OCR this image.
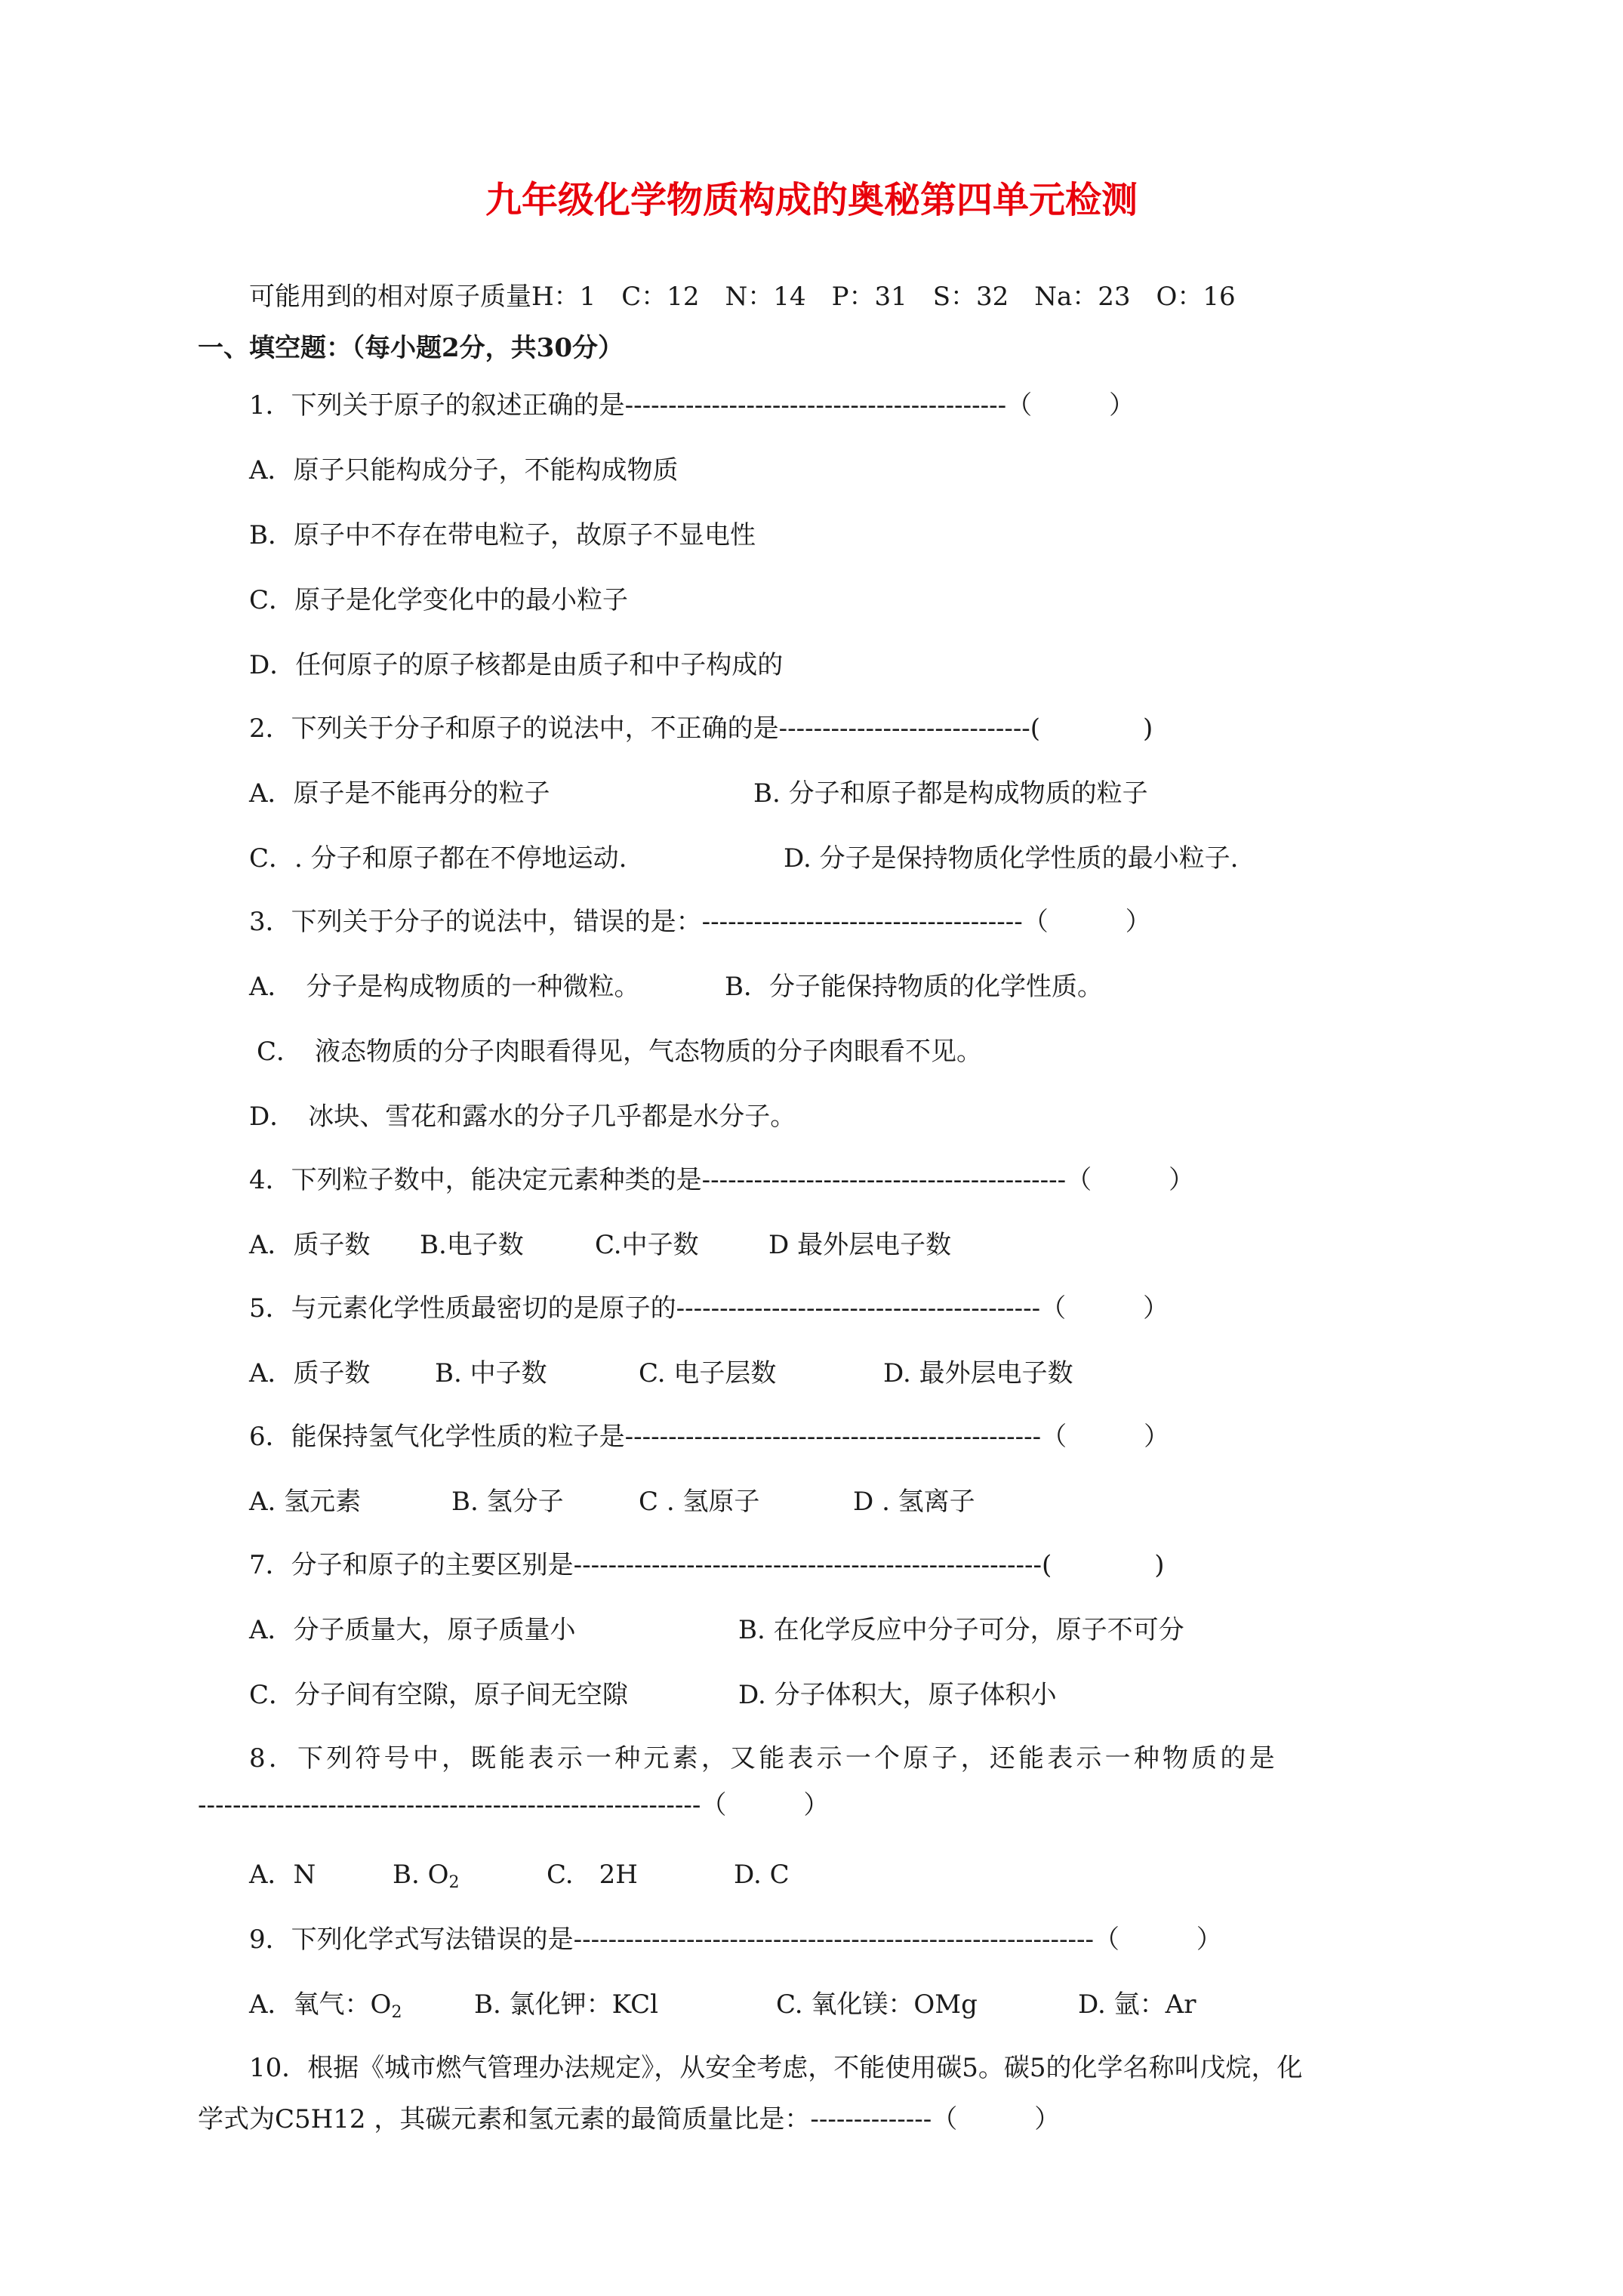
九年级化学物质构成的奥秘第四单元检测
可能用到的相对原子质量H：1　C：12　N：14　P：31　S：32　Na：23　O：16
一、填空题：（每小题2分，共30分）
1．下列关于原子的叙述正确的是--------------------------------------------（　　　）
A．原子只能构成分子，不能构成物质
B．原子中不存在带电粒子，故原子不显电性
C．原子是化学变化中的最小粒子
D．任何原子的原子核都是由质子和中子构成的
2．下列关于分子和原子的说法中，不正确的是-----------------------------(　　　　)
A．原子是不能再分的粒子	B. 分子和原子都是构成物质的粒子
C．. 分子和原子都在不停地运动.	D. 分子是保持物质化学性质的最小粒子.
3．下列关于分子的说法中，错误的是：-------------------------------------（　　　）
A．　分子是构成物质的一种微粒。	B．分子能保持物质的化学性质。
C．　液态物质的分子肉眼看得见，气态物质的分子肉眼看不见。
D．　冰块、雪花和露水的分子几乎都是水分子。
4．下列粒子数中，能决定元素种类的是------------------------------------------（　　　）
A．质子数 B.电子数	C.中子数	D 最外层电子数
5．与元素化学性质最密切的是原子的------------------------------------------（　　　）
A．质子数	B. 中子数	C. 电子层数	D. 最外层电子数
6．能保持氢气化学性质的粒子是------------------------------------------------（　　　）
A. 氢元素	B. 氢分子	C . 氢原子	D . 氢离子
7．分子和原子的主要区别是------------------------------------------------------(　　　　)
A．分子质量大，原子质量小	B. 在化学反应中分子可分，原子不可分
C．分子间有空隙，原子间无空隙	D. 分子体积大，原子体积小
8．下列符号中，既能表示一种元素，又能表示一个原子，还能表示一种物质的是
----------------------------------------------------------（　　　）
A．N	B. $O_2$	C.　2H	D. C
9．下列化学式写法错误的是------------------------------------------------------------（　　　）
A．氧气：$O_2$	B. 氯化钾：KCl	C. 氧化镁：OMg	D. 氩：Ar
10．根据《城市燃气管理办法规定》，从安全考虑，不能使用碳5。碳5的化学名称叫戊烷，化
学式为C5H12 ，其碳元素和氢元素的最简质量比是：--------------（　　　）
